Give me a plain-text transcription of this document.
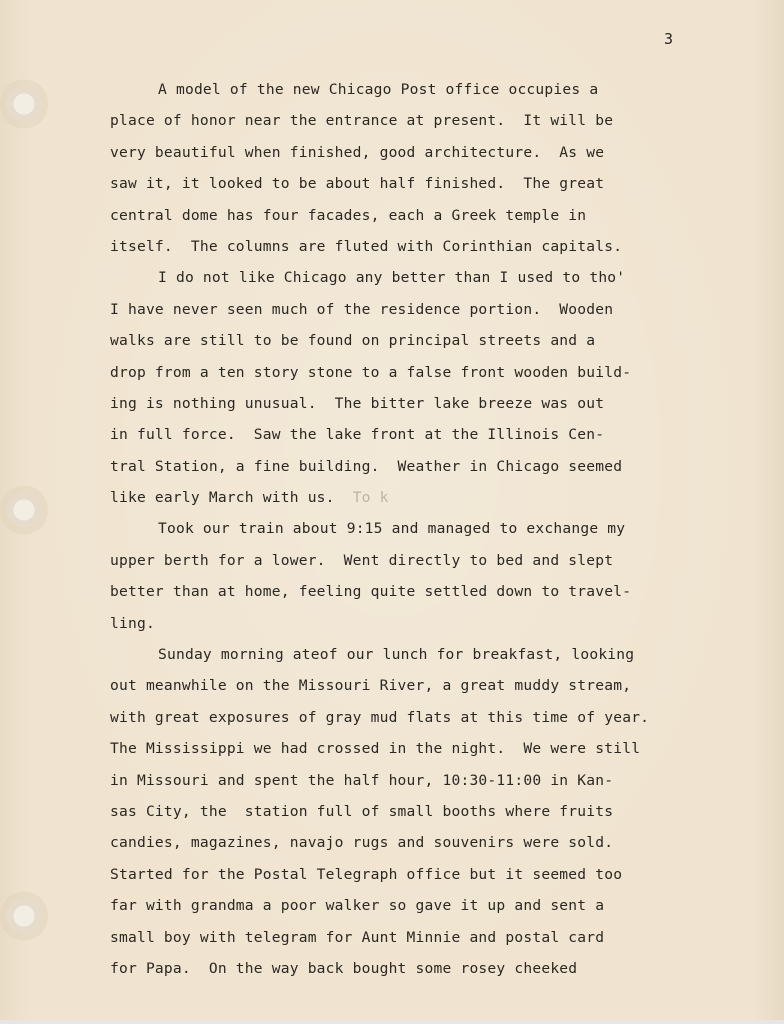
3
A model of the new Chicago Post office occupies a
place of honor near the entrance at present.  It will be
very beautiful when finished, good architecture.  As we
saw it, it looked to be about half finished.  The great
central dome has four facades, each a Greek temple in
itself.  The columns are fluted with Corinthian capitals.
I do not like Chicago any better than I used to tho'
I have never seen much of the residence portion.  Wooden
walks are still to be found on principal streets and a
drop from a ten story stone to a false front wooden build-
ing is nothing unusual.  The bitter lake breeze was out
in full force.  Saw the lake front at the Illinois Cen-
tral Station, a fine building.  Weather in Chicago seemed
like early March with us.  To k
Took our train about 9:15 and managed to exchange my
upper berth for a lower.  Went directly to bed and slept
better than at home, feeling quite settled down to travel-
ling.
Sunday morning ateof our lunch for breakfast, looking
out meanwhile on the Missouri River, a great muddy stream,
with great exposures of gray mud flats at this time of year.
The Mississippi we had crossed in the night.  We were still
in Missouri and spent the half hour, 10:30-11:00 in Kan-
sas City, the  station full of small booths where fruits
candies, magazines, navajo rugs and souvenirs were sold.
Started for the Postal Telegraph office but it seemed too
far with grandma a poor walker so gave it up and sent a
small boy with telegram for Aunt Minnie and postal card
for Papa.  On the way back bought some rosey cheeked
